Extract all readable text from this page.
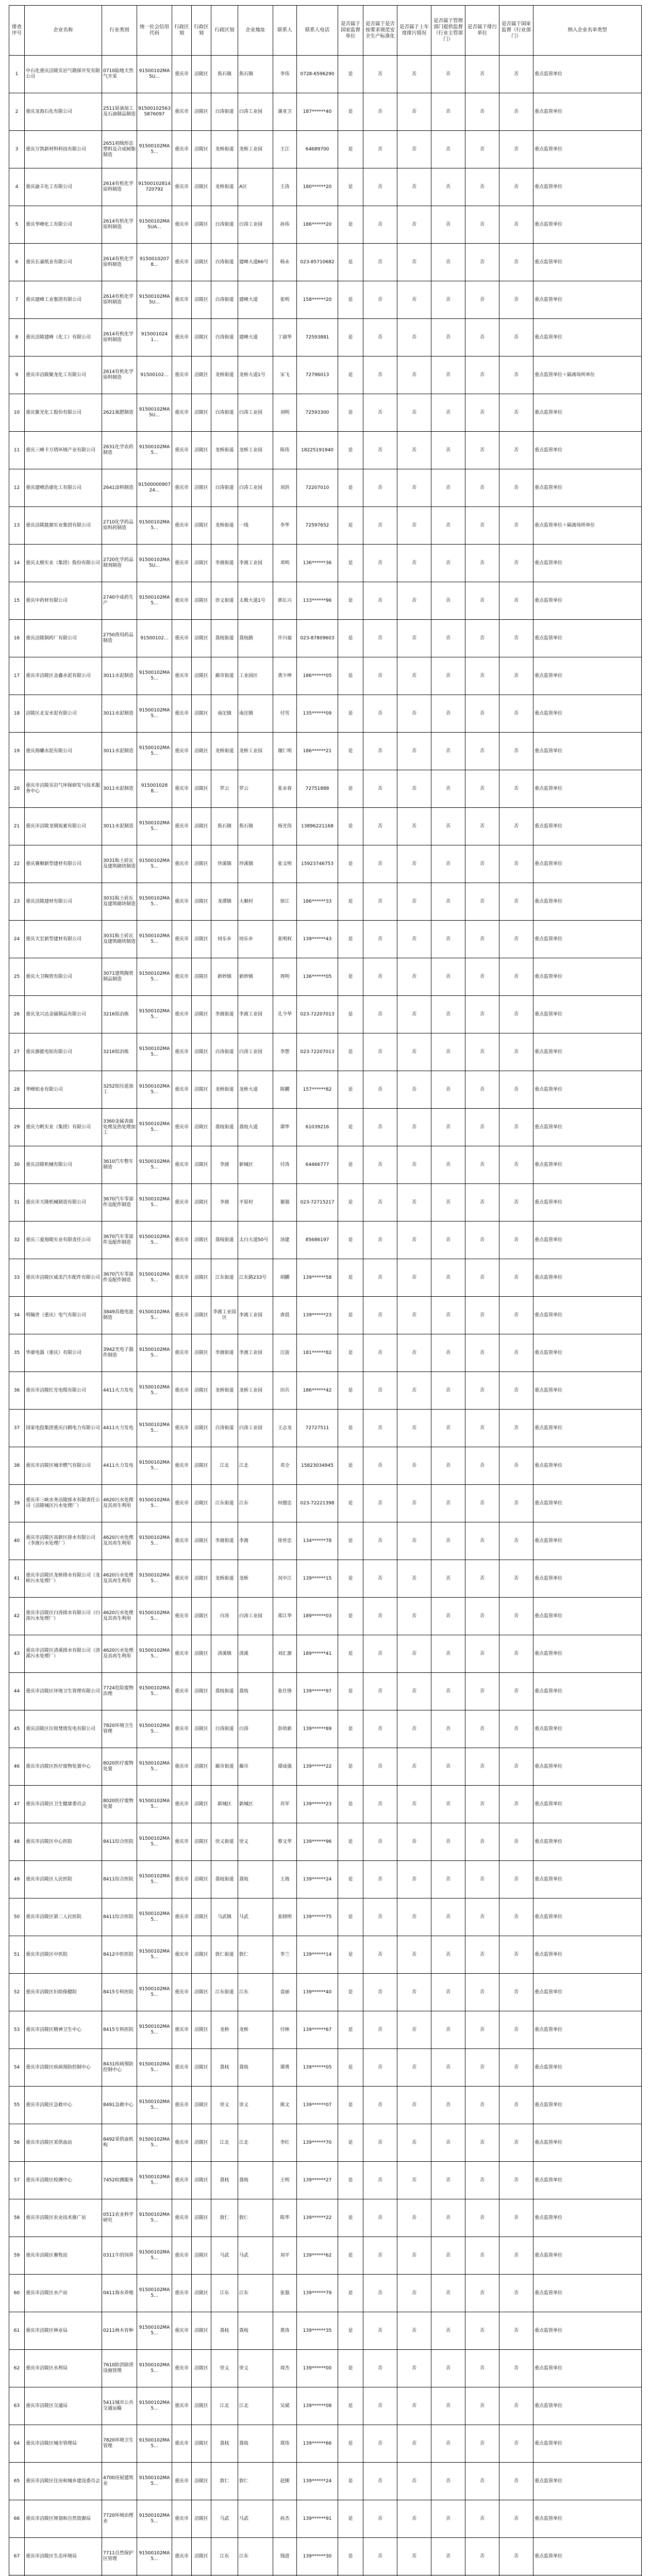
排查序号	企业名称	行业类别	统一社会信用代码	行政区划	行政区划	行政区划	企业地址	联系人	联系人电话	是否属于国家监督单位	是否属于是否按要求规范安全生产标准化	是否属于上年度排污情况	是否属于管理部门提供监督（行业主管部门）	是否属于排污单位	是否属于国家监督（行业部门）	纳入企业名单类型
1	中石化重庆涪陵页岩气勘探开发有限公司	0710陆地天然气开采	91500102MA5U...	重庆市	涪陵区	焦石镇	焦石镇	李伟	0728-6596290	是	否	否	否	否	否	重点监管单位
2	重庆龙海石化有限公司	2511原油加工及石油制品制造	915001025635876097	重庆市	涪陵区	白涛街道	白涛工业园	蒲亚卫	187******40	是	否	否	否	否	否	重点监管单位
3	重庆万凯新材料科技有限公司	2651初级形态塑料及合成树脂制造	91500102MA5...	重庆市	涪陵区	龙桥街道	龙桥工业园	王江	64689700	是	否	否	否	否	否	重点监管单位
4	重庆渝丰化工有限公司	2614有机化学原料制造	91500102814720792	重庆市	涪陵区	龙桥街道	A区	王涛	180******20	是	否	否	否	否	否	重点监管单位
5	重庆华峰化工有限公司	2614有机化学原料制造	91500102MA5UA...	重庆市	涪陵区	白涛街道	白涛工业园	孙伟	186******20	是	否	否	否	否	否	重点监管单位
6	重庆长嘉纸业有限公司	2614有机化学原料制造	91500102078...	重庆市	涪陵区	白涛街道	建峰大道66号	杨永	023-85710682	是	否	否	否	否	否	重点监管单位
7	重庆建峰工业集团有限公司	2614有机化学原料制造	91500102MA5U...	重庆市	涪陵区	白涛街道	建峰大道	张明	158******20	是	否	否	否	否	否	重点监管单位
8	重庆涪陵建峰（化工）有限公司	2614有机化学原料制造	9150010241...	重庆市	涪陵区	白涛街道	建峰大道	丁淑华	72593881	是	否	否	否	否	否	重点监管单位
9	重庆市涪陵聚龙化工有限公司	2614有机化学原料制造	91500102...	重庆市	涪陵区	龙桥街道	龙桥大道1号	宋飞	72796013	是	否	否	否	否	否	重点监管单位＋隔离场所单位
10	重庆紫光化工股份有限公司	2621氮肥制造	91500102MA5U...	重庆市	涪陵区	白涛街道	白涛工业园	刘明	72593300	是	否	否	否	否	否	重点监管单位
11	重庆三峰卡万塔环境产业有限公司	2631化学农药制造	91500102MA5...	重庆市	涪陵区	龙桥街道	龙桥工业园	陈伟	18225191940	是	否	否	否	否	否	重点监管单位
12	重庆建峰浩康化工有限公司	2641涂料制造	9150000090724...	重庆市	涪陵区	白涛街道	白涛工业园	刘洪	72207010	是	否	否	否	否	否	重点监管单位
13	重庆涪陵能源实业集团有限公司	2710化学药品原料药制造	91500102MA5...	重庆市	涪陵区	龙桥街道	一线	李华	72597652	是	否	否	否	否	否	重点监管单位＋隔离场所单位
14	重庆太极实业（集团）股份有限公司	2720化学药品制剂制造	91500102MA5U...	重庆市	涪陵区	李渡街道	李渡工业园	邓明	136******36	是	否	否	否	否	否	重点监管单位
15	重庆中药材有限公司	2740中成药生产	91500102MA5...	重庆市	涪陵区	崇义街道	太极大道1号	郭长兴	133******96	是	否	否	否	否	否	重点监管单位
16	重庆涪陵制药厂有限公司	2750兽用药品制造	91500102...	重庆市	涪陵区	荔枝街道	荔枝路	许川福	023-87809603	是	否	否	否	否	否	重点监管单位
17	重庆市涪陵区金鑫水泥有限公司	3011水泥制造	91500102MA5...	重庆市	涪陵区	蔺市街道	工业园区	黄少坤	186******05	是	否	否	否	否	否	重点监管单位
18	涪陵区北安水泥有限公司	3011水泥制造	91500102MA5...	重庆市	涪陵区	南沱镇	南沱镇	付雪	135******09	是	否	否	否	否	否	重点监管单位
19	重庆海螺水泥有限公司	3011水泥制造	91500102MA5...	重庆市	涪陵区	龙桥街道	龙桥工业园	谢仁明	186******21	是	否	否	否	否	否	重点监管单位
20	重庆市涪陵页岩气环保研发与技术服务中心	3011水泥制造	9150010288...	重庆市	涪陵区	罗云	罗云	张永春	72751888	是	否	否	否	否	否	重点监管单位
21	重庆市涪陵龙钢炭素有限公司	3011水泥制造	91500102MA5...	重庆市	涪陵区	焦石镇	焦石镇	杨光伟	13896221168	是	否	否	否	否	否	重点监管单位
22	重庆赛顺新型建材有限公司	3031粘土砖瓦及建筑砌块制造	91500102MA5...	重庆市	涪陵区	珍溪镇	珍溪镇	张文明	15923746753	是	否	否	否	否	否	重点监管单位
23	重庆涪陵建材有限公司	3031粘土砖瓦及建筑砌块制造	91500102MA5...	重庆市	涪陵区	龙潭镇	大顺村	徐江	186******33	是	否	否	否	否	否	重点监管单位
24	重庆天宏新型建材有限公司	3031粘土砖瓦及建筑砌块制造	91500102MA5...	重庆市	涪陵区	同乐乡	同乐乡	张明权	139******43	是	否	否	否	否	否	重点监管单位
25	重庆大卫陶瓷有限公司	3071建筑陶瓷制品制造	91500102MA5...	重庆市	涪陵区	新妙镇	新妙镇	周明	136******05	是	否	否	否	否	否	重点监管单位
26	重庆龙兴达金属制品有限公司	3216铝冶炼	91500102MA5...	重庆市	涪陵区	李渡街道	李渡工业园	孔令华	023-72207013	是	否	否	否	否	否	重点监管单位
27	重庆旗能电铝有限公司	3216铝冶炼	91500102MA5...	重庆市	涪陵区	白涛街道	白涛工业园	李想	023-72207013	是	否	否	否	否	否	重点监管单位
28	华峰铝业有限公司	3252铝压延加工	91500102MA5...	重庆市	涪陵区	龙桥街道	龙桥大道	陈鹏	157******82	是	否	否	否	否	否	重点监管单位
29	重庆力帆实业（集团）有限公司	3360金属表面处理及热处理加工	91500102MA5...	重庆市	涪陵区	荔枝街道	荔枝大道	谭华	61039216	是	否	否	否	否	否	重点监管单位
30	重庆涪陵机械有限公司	3610汽车整车制造	91500102MA5...	重庆市	涪陵区	李渡	新城区	付涛	64466777	是	否	否	否	否	否	重点监管单位
31	重庆市天隆机械制造有限公司	3670汽车零部件及配件制造	91500102MA5...	重庆市	涪陵区	李渡	平原村	谢强	023-72715217	是	否	否	否	否	否	重点监管单位
32	重庆三爱海陵实业有限责任公司	3670汽车零部件及配件制造	91500102MA5...	重庆市	涪陵区	荔枝街道	太白大道50号	汤建	85686197	是	否	否	否	否	否	重点监管单位
33	重庆市涪陵区威美汽车配件有限公司	3670汽车零部件及配件制造	91500102MA5...	重庆市	涪陵区	江东街道	江东路233号	胡鹏	139******58	是	否	否	否	否	否	重点监管单位
34	明翰世（重庆）电气有限公司	3849其他电池制造	91500102MA5...	重庆市	涪陵区	李渡工业园区	李渡工业园	唐晨	139******23	是	否	否	否	否	否	重点监管单位
35	华康电器（重庆）有限公司	3942光电子器件制造	91500102MA5...	重庆市	涪陵区	李渡街道	李渡工业园	汪波	181******82	是	否	否	否	否	否	重点监管单位
36	重庆市涪陵红光电缆有限公司	4411火力发电	91500102MA5...	重庆市	涪陵区	龙桥街道	龙桥工业园	田兵	186******42	是	否	否	否	否	否	重点监管单位
37	国家电投集团重庆白鹤电力有限公司	4411火力发电	91500102MA5...	重庆市	涪陵区	白涛街道	白涛工业园	王志龙	72727511	是	否	否	否	否	否	重点监管单位
38	重庆市涪陵区城市燃气有限公司	4411火力发电	91500102MA5...	重庆市	涪陵区	江北	江北	邓全	15823034945	是	否	否	否	否	否	重点监管单位
39	重庆市三峡水务涪陵排水有限责任公司（涪陵城区污水处理厂）	4620污水处理及其再生利用	91500102MA5...	重庆市	涪陵区	江东街道	江东	何德忠	023-72221398	是	否	否	否	否	否	重点监管单位
40	重庆市涪陵区高新区排水有限公司（李渡污水处理厂）	4620污水处理及其再生利用	91500102MA5...	重庆市	涪陵区	李渡街道	李渡	徐世忠	134******78	是	否	否	否	否	否	重点监管单位
41	重庆市涪陵区龙桥排水有限公司（龙桥污水处理厂）	4620污水处理及其再生利用	91500102MA5...	重庆市	涪陵区	龙桥街道	龙桥	况中江	139******15	是	否	否	否	否	否	重点监管单位
42	重庆市涪陵区白涛排水有限公司（白涛污水处理厂）	4620污水处理及其再生利用	91500102MA5...	重庆市	涪陵区	白涛	白涛工业园	郑江华	189******03	是	否	否	否	否	否	重点监管单位
43	重庆市涪陵区清溪排水有限公司（清溪污水处理厂）	4620污水处理及其再生利用	91500102MA5...	重庆市	涪陵区	清溪镇	清溪	刘汇源	189******41	是	否	否	否	否	否	重点监管单位
44	重庆市涪陵区环境卫生管理有限公司	7724危险废物治理	91500102MA5...	重庆市	涪陵区	荔枝街道	荔枝	张仕锋	139******97	是	否	否	否	否	否	重点监管单位
45	重庆涪陵区垃圾焚烧发电有限公司	7820环境卫生管理	91500102MA5...	重庆市	涪陵区	白涛街道	白涛	彭幼新	139******89	是	否	否	否	否	否	重点监管单位
46	重庆市涪陵区医疗废物处置中心	8020医疗废物处置	91500102MA5...	重庆市	涪陵区	蔺市街道	蔺市	谭成强	139******22	是	否	否	否	否	否	重点监管单位
47	重庆市涪陵区卫生健康委员会	8020医疗废物处置	91500102MA5...	重庆市	涪陵区	新城区	新城区	肖军	139******23	是	否	否	否	否	否	重点监管单位
48	重庆市涪陵区中心医院	8411综合医院	91500102MA5...	重庆市	涪陵区	崇义街道	崇义	蔡文华	139******96	是	否	否	否	否	否	重点监管单位
49	重庆市涪陵区人民医院	8411综合医院	91500102MA5...	重庆市	涪陵区	荔枝街道	荔枝	王海	139******24	是	否	否	否	否	否	重点监管单位
50	重庆市涪陵区第二人民医院	8411综合医院	91500102MA5...	重庆市	涪陵区	马武镇	马武	张晓明	139******75	是	否	否	否	否	否	重点监管单位
51	重庆市涪陵区中医院	8412中医医院	91500102MA5...	重庆市	涪陵区	敦仁街道	敦仁	李兰	139******14	是	否	否	否	否	否	重点监管单位
52	重庆市涪陵区妇幼保健院	8415专科医院	91500102MA5...	重庆市	涪陵区	江东街道	江东	袁丽	139******40	是	否	否	否	否	否	重点监管单位
53	重庆市涪陵区精神卫生中心	8415专科医院	91500102MA5...	重庆市	涪陵区	龙桥	龙桥	付林	139******67	是	否	否	否	否	否	重点监管单位
54	重庆市涪陵区疾病预防控制中心	8431疾病预防控制中心	91500102MA5...	重庆市	涪陵区	荔枝	荔枝	谭勇	139******05	是	否	否	否	否	否	重点监管单位
55	重庆市涪陵区急救中心	8491急救中心	91500102MA5...	重庆市	涪陵区	崇义	崇义	熊文	139******07	是	否	否	否	否	否	重点监管单位
56	重庆市涪陵区采供血站	8492采供血机构	91500102MA5...	重庆市	涪陵区	江北	江北	李红	139******70	是	否	否	否	否	否	重点监管单位
57	重庆市涪陵区检测中心	7452检测服务	91500102MA5...	重庆市	涪陵区	荔枝	荔枝	王明	139******27	是	否	否	否	否	否	重点监管单位
58	重庆市涪陵区农业技术推广站	0511农业科学研究	91500102MA5...	重庆市	涪陵区	敦仁	敦仁	陈华	139******22	是	否	否	否	否	否	重点监管单位
59	重庆市涪陵区畜牧站	0311牛的饲养	91500102MA5...	重庆市	涪陵区	马武	马武	刘平	139******62	是	否	否	否	否	否	重点监管单位
60	重庆市涪陵区水产站	0411海水养殖	91500102MA5...	重庆市	涪陵区	江东	江东	张强	139******79	是	否	否	否	否	否	重点监管单位
61	重庆市涪陵区林业局	0211林木育种	91500102MA5...	重庆市	涪陵区	荔枝	荔枝	黄涛	139******35	是	否	否	否	否	否	重点监管单位
62	重庆市涪陵区水利局	7610防洪除涝设施管理	91500102MA5...	重庆市	涪陵区	崇义	崇义	周杰	139******00	是	否	否	否	否	否	重点监管单位
63	重庆市涪陵区交通局	5411城市公共交通运输	91500102MA5...	重庆市	涪陵区	江北	江北	吴斌	139******08	是	否	否	否	否	否	重点监管单位
64	重庆市涪陵区城市管理局	7820环境卫生管理	91500102MA5...	重庆市	涪陵区	荔枝	荔枝	郑伟	139******66	是	否	否	否	否	否	重点监管单位
65	重庆市涪陵区住房和城乡建设委员会	4700房屋建筑业	91500102MA5...	重庆市	涪陵区	敦仁	敦仁	赵刚	139******24	是	否	否	否	否	否	重点监管单位
66	重庆市涪陵区规划和自然资源局	7720环境治理业	91500102MA5...	重庆市	涪陵区	马武	马武	孙杰	139******91	是	否	否	否	否	否	重点监管单位
67	重庆市涪陵区生态环境局	7711自然保护区管理	91500102MA5...	重庆市	涪陵区	江东	江东	钱进	139******30	是	否	否	否	否	否	重点监管单位
